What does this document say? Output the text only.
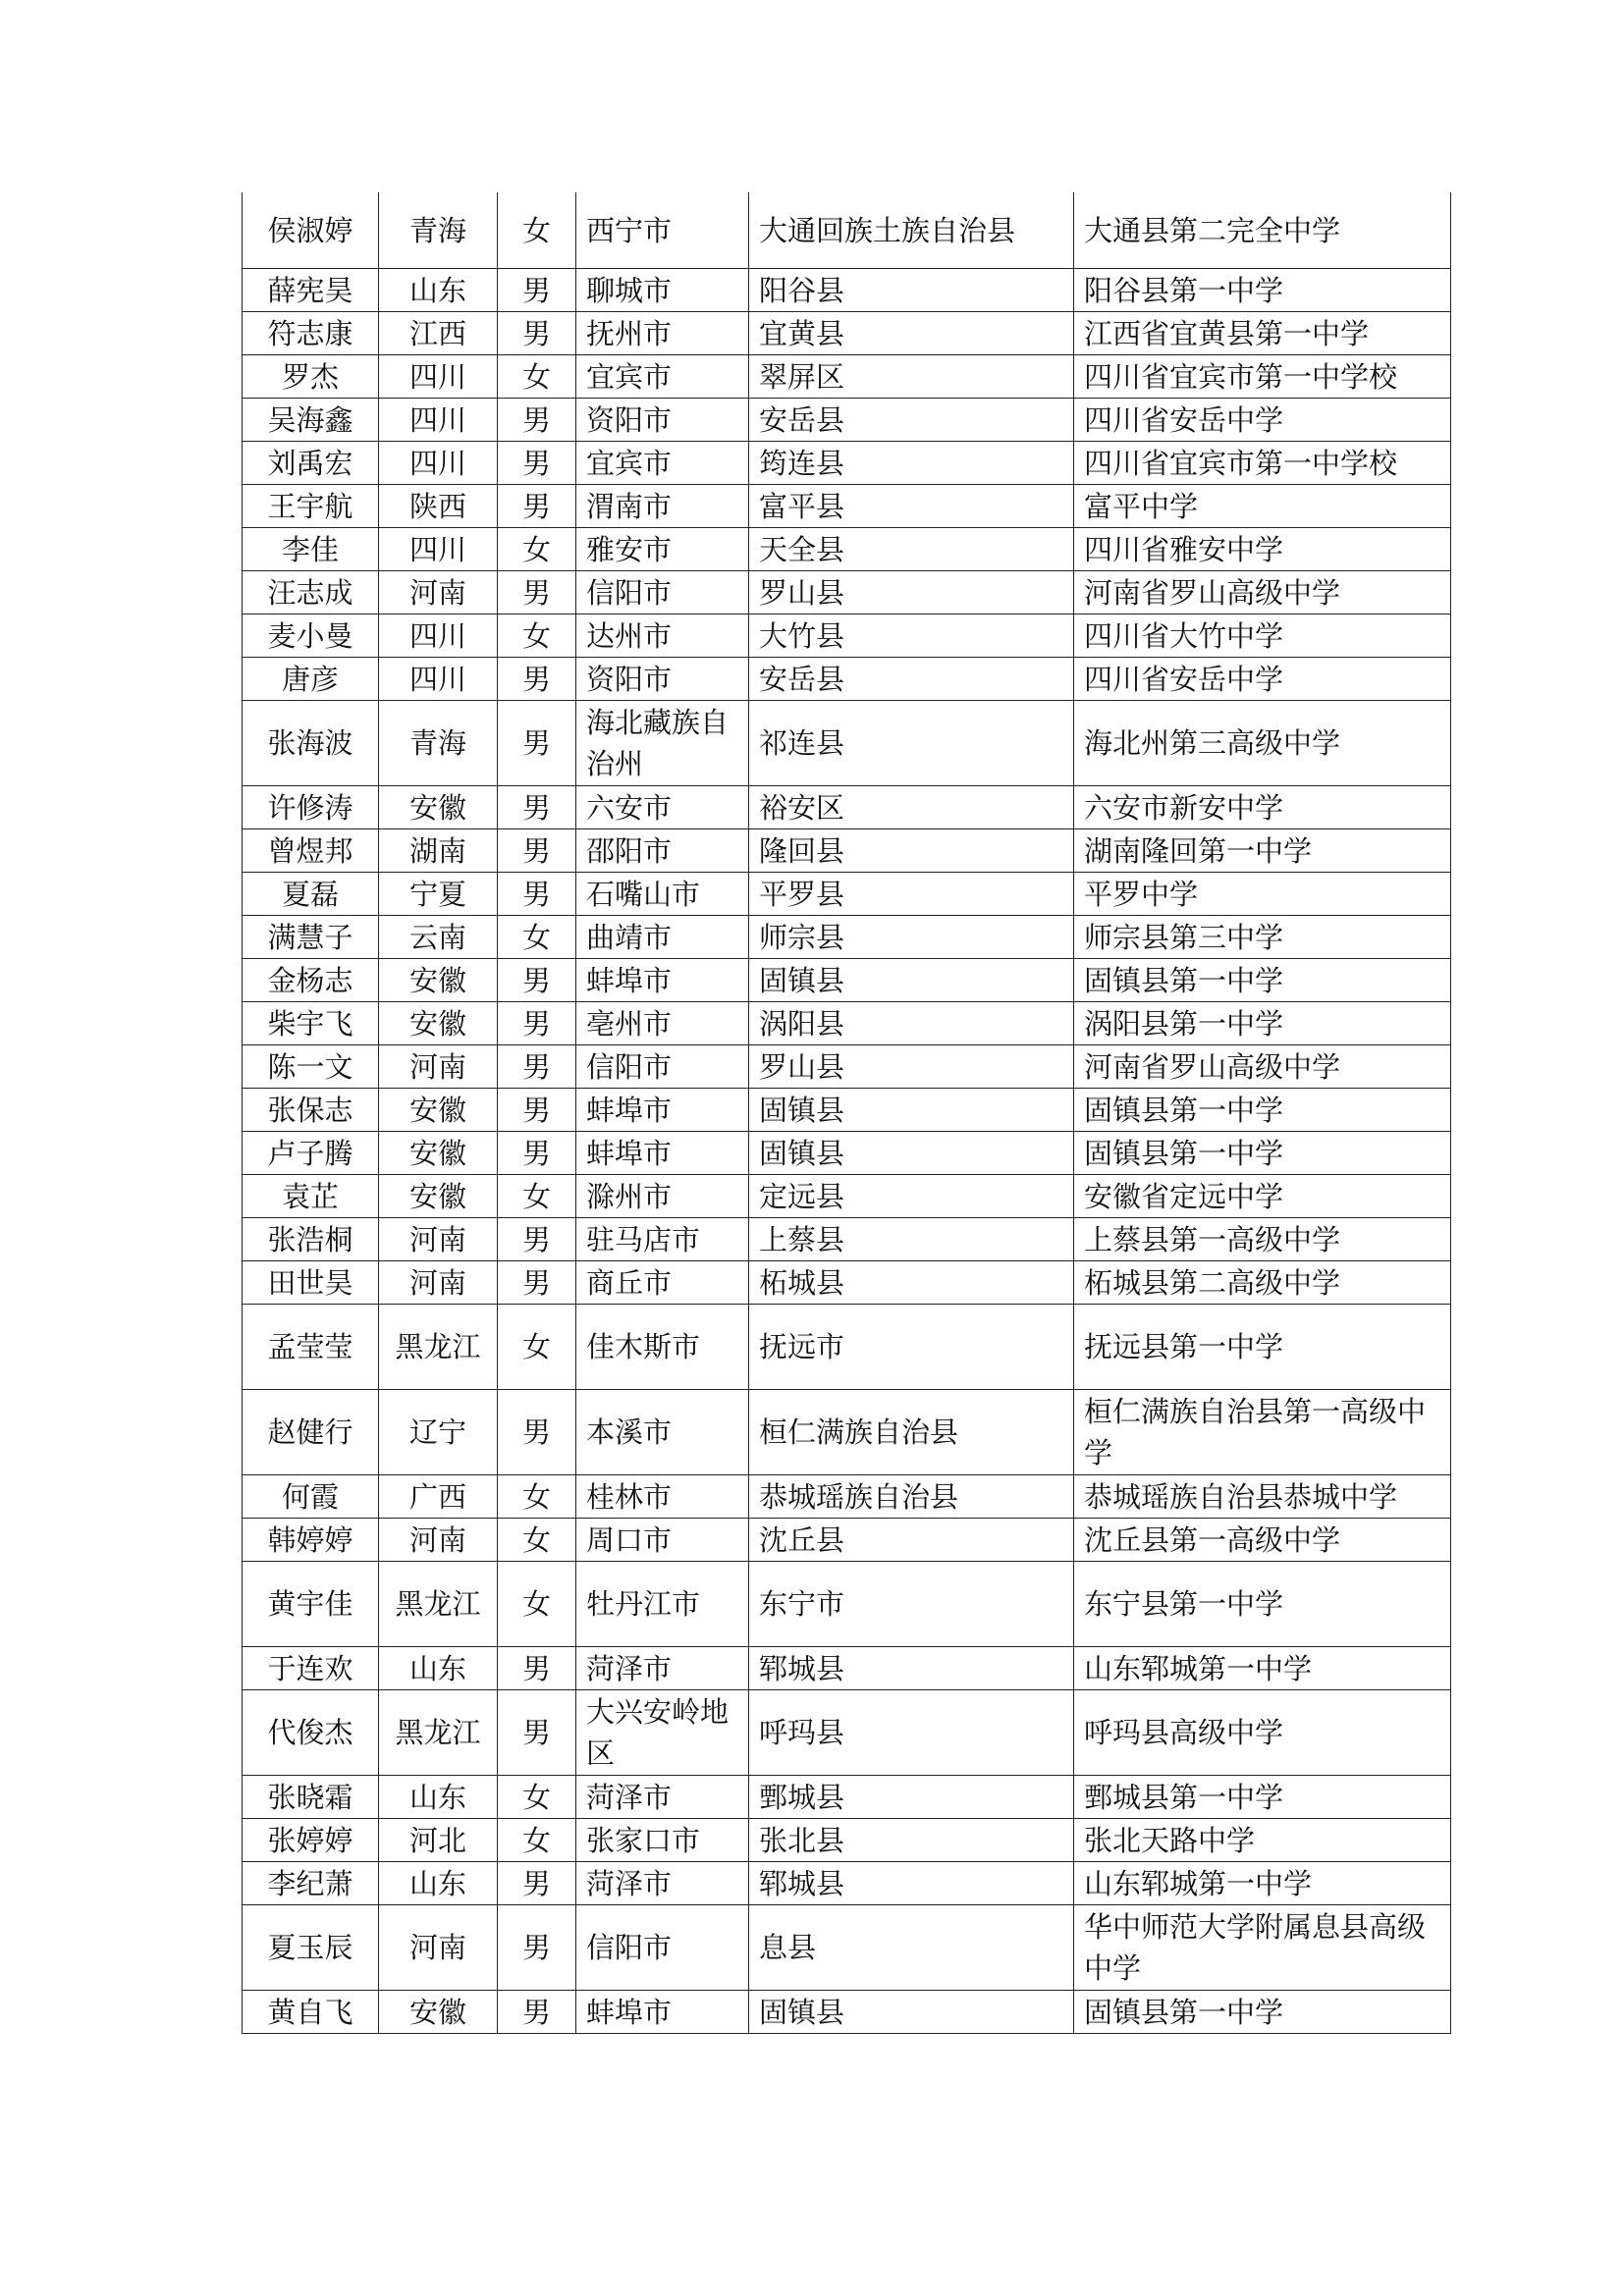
侯淑婷	青海	女	西宁市	大通回族土族自治县	大通县第二完全中学
薛宪昊	山东	男	聊城市	阳谷县	阳谷县第一中学
符志康	江西	男	抚州市	宜黄县	江西省宜黄县第一中学
罗杰	四川	女	宜宾市	翠屏区	四川省宜宾市第一中学校
吴海鑫	四川	男	资阳市	安岳县	四川省安岳中学
刘禹宏	四川	男	宜宾市	筠连县	四川省宜宾市第一中学校
王宇航	陕西	男	渭南市	富平县	富平中学
李佳	四川	女	雅安市	天全县	四川省雅安中学
汪志成	河南	男	信阳市	罗山县	河南省罗山高级中学
麦小曼	四川	女	达州市	大竹县	四川省大竹中学
唐彦	四川	男	资阳市	安岳县	四川省安岳中学
张海波	青海	男	海北藏族自治州	祁连县	海北州第三高级中学
许修涛	安徽	男	六安市	裕安区	六安市新安中学
曾煜邦	湖南	男	邵阳市	隆回县	湖南隆回第一中学
夏磊	宁夏	男	石嘴山市	平罗县	平罗中学
满慧子	云南	女	曲靖市	师宗县	师宗县第三中学
金杨志	安徽	男	蚌埠市	固镇县	固镇县第一中学
柴宇飞	安徽	男	亳州市	涡阳县	涡阳县第一中学
陈一文	河南	男	信阳市	罗山县	河南省罗山高级中学
张保志	安徽	男	蚌埠市	固镇县	固镇县第一中学
卢子腾	安徽	男	蚌埠市	固镇县	固镇县第一中学
袁芷	安徽	女	滁州市	定远县	安徽省定远中学
张浩桐	河南	男	驻马店市	上蔡县	上蔡县第一高级中学
田世昊	河南	男	商丘市	柘城县	柘城县第二高级中学
孟莹莹	黑龙江	女	佳木斯市	抚远市	抚远县第一中学
赵健行	辽宁	男	本溪市	桓仁满族自治县	桓仁满族自治县第一高级中学
何霞	广西	女	桂林市	恭城瑶族自治县	恭城瑶族自治县恭城中学
韩婷婷	河南	女	周口市	沈丘县	沈丘县第一高级中学
黄宇佳	黑龙江	女	牡丹江市	东宁市	东宁县第一中学
于连欢	山东	男	菏泽市	郓城县	山东郓城第一中学
代俊杰	黑龙江	男	大兴安岭地区	呼玛县	呼玛县高级中学
张晓霜	山东	女	菏泽市	鄄城县	鄄城县第一中学
张婷婷	河北	女	张家口市	张北县	张北天路中学
李纪萧	山东	男	菏泽市	郓城县	山东郓城第一中学
夏玉辰	河南	男	信阳市	息县	华中师范大学附属息县高级中学
黄自飞	安徽	男	蚌埠市	固镇县	固镇县第一中学
